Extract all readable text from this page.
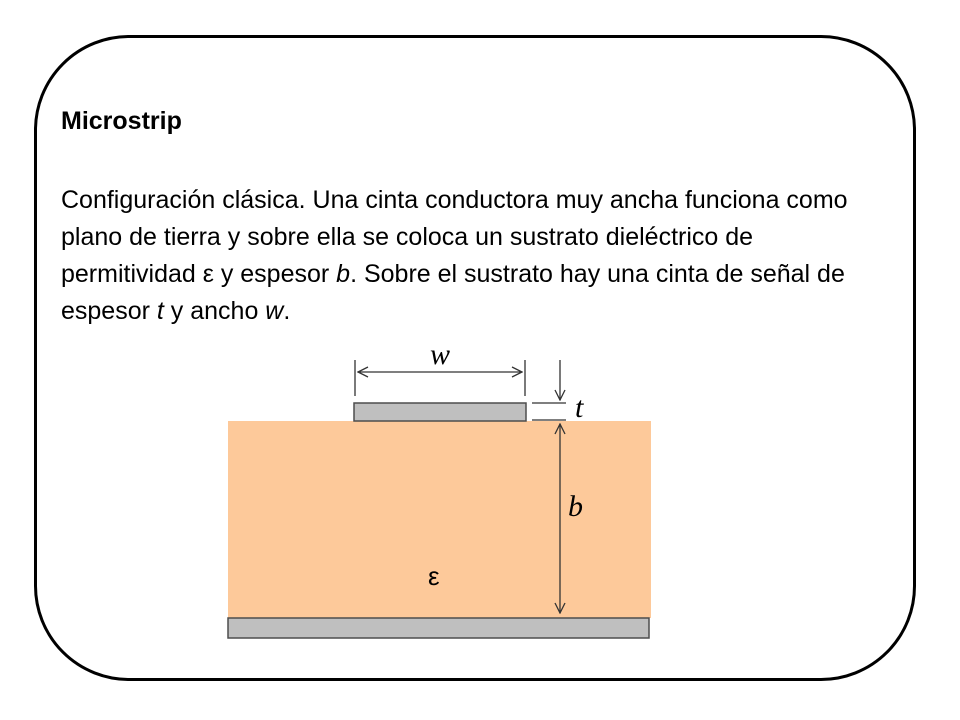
Microstrip

Configuración clásica. Una cinta conductora muy ancha funciona como plano de tierra y sobre ella se coloca un sustrato dieléctrico de permitividad ε y espesor b. Sobre el sustrato hay una cinta de señal de espesor t y ancho w.

w
t
b
ε
